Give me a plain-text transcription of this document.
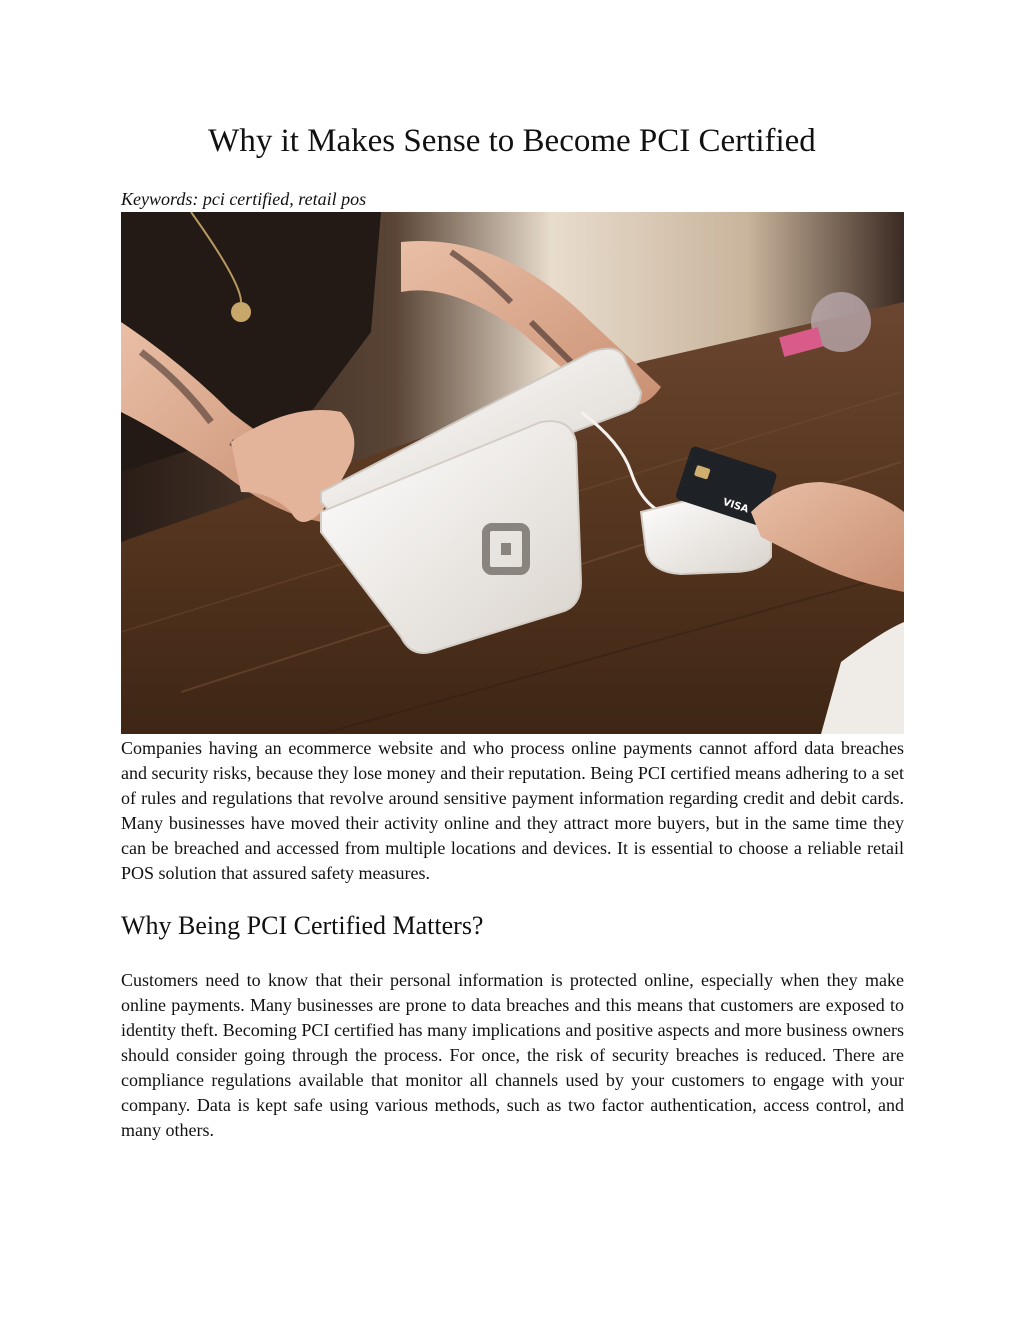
Why it Makes Sense to Become PCI Certified

Keywords: pci certified, retail pos

VISA

Companies having an ecommerce website and who process online payments cannot afford data breaches and security risks, because they lose money and their reputation. Being PCI certified means adhering to a set of rules and regulations that revolve around sensitive payment information regarding credit and debit cards. Many businesses have moved their activity online and they attract more buyers, but in the same time they can be breached and accessed from multiple locations and devices. It is essential to choose a reliable retail POS solution that assured safety measures.

Why Being PCI Certified Matters?

Customers need to know that their personal information is protected online, especially when they make online payments. Many businesses are prone to data breaches and this means that customers are exposed to identity theft. Becoming PCI certified has many implications and positive aspects and more business owners should consider going through the process. For once, the risk of security breaches is reduced. There are compliance regulations available that monitor all channels used by your customers to engage with your company. Data is kept safe using various methods, such as two factor authentication, access control, and many others.
